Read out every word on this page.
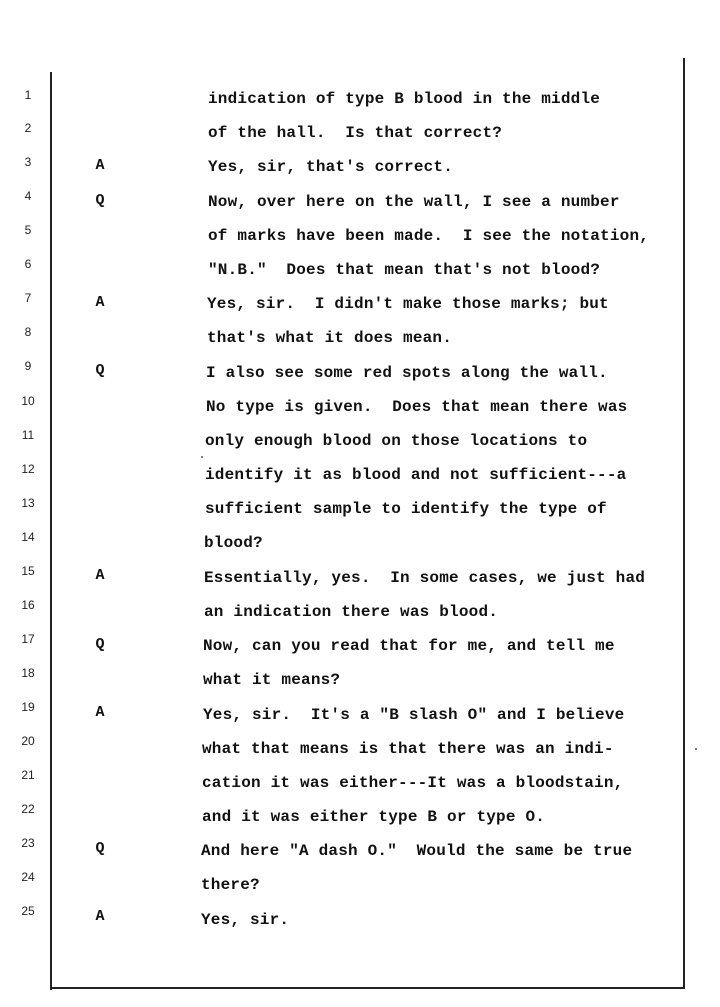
1
2
3
4
5
6
7
8
9
10
11
12
13
14
15
16
17
18
19
20
21
22
23
24
25
A
Q
A
Q
A
Q
A
Q
A
indication of type B blood in the middle
of the hall.  Is that correct?
Yes, sir, that's correct.
Now, over here on the wall, I see a number
of marks have been made.  I see the notation,
"N.B."  Does that mean that's not blood?
Yes, sir.  I didn't make those marks; but
that's what it does mean.
I also see some red spots along the wall.
No type is given.  Does that mean there was
only enough blood on those locations to
identify it as blood and not sufficient---a
sufficient sample to identify the type of
blood?
Essentially, yes.  In some cases, we just had
an indication there was blood.
Now, can you read that for me, and tell me
what it means?
Yes, sir.  It's a "B slash O" and I believe
what that means is that there was an indi-
cation it was either---It was a bloodstain,
and it was either type B or type O.
And here "A dash O."  Would the same be true
there?
Yes, sir.
